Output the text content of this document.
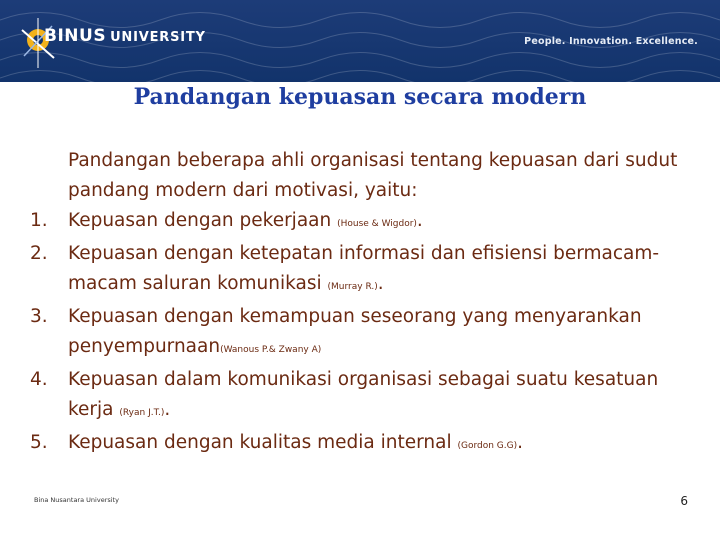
BINUS UNIVERSITY	People. Innovation. Excellence.
Pandangan kepuasan secara modern
Pandangan beberapa ahli organisasi tentang kepuasan dari sudut pandang modern dari motivasi, yaitu:
1. Kepuasan dengan pekerjaan (House & Wigdor).
2. Kepuasan dengan ketepatan informasi dan efisiensi bermacam-macam saluran komunikasi (Murray R.).
3. Kepuasan dengan kemampuan seseorang yang menyarankan penyempurnaan(Wanous P.& Zwany A)
4. Kepuasan dalam komunikasi organisasi sebagai suatu kesatuan kerja (Ryan J.T.).
5. Kepuasan dengan kualitas media internal (Gordon G.G).
Bina Nusantara University	6
